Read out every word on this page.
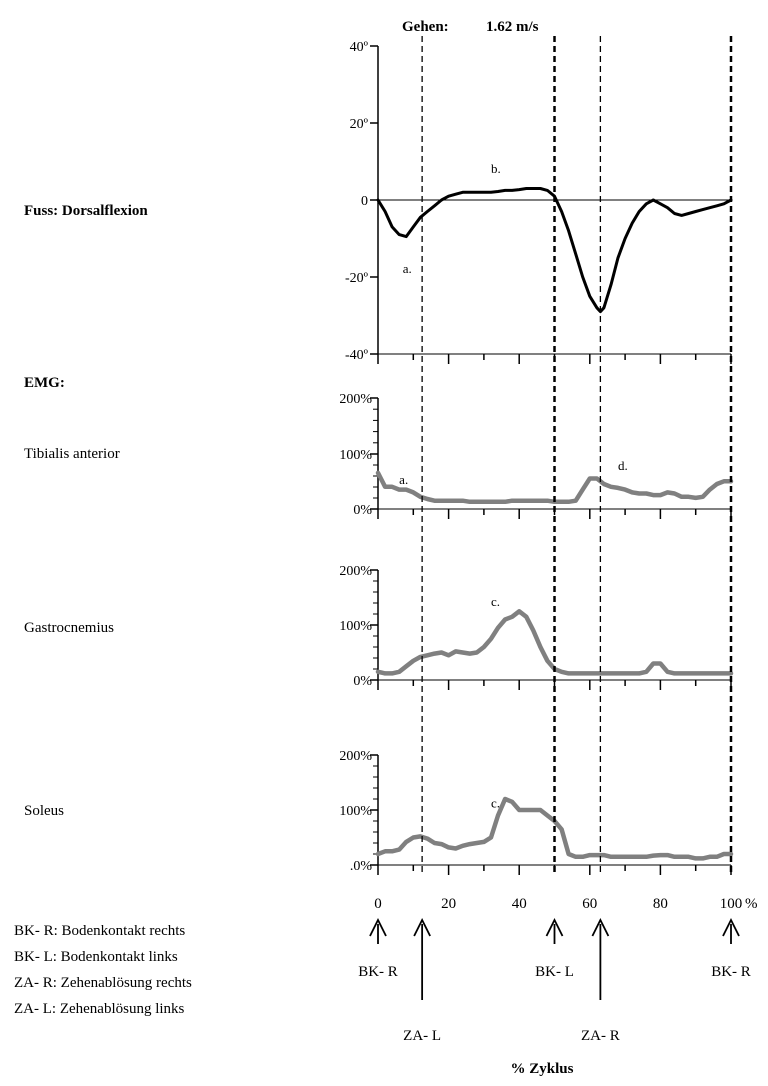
Gehen: 1.62 m/s
Fuss: Dorsalflexion
EMG:
Tibialis anterior
Gastrocnemius
Soleus
40º
20º
0
-20º
-40º
a.
b.
200%
100%
0%
a.
d.
200%
100%
0%
c.
200%
100%
.0%
c.
0	20	40	60	80	100 %
BK- R
ZA- L
BK- L
ZA- R
BK- R
BK- R: Bodenkontakt rechts
BK- L: Bodenkontakt links
ZA- R: Zehenablösung rechts
ZA- L: Zehenablösung links
% Zyklus
